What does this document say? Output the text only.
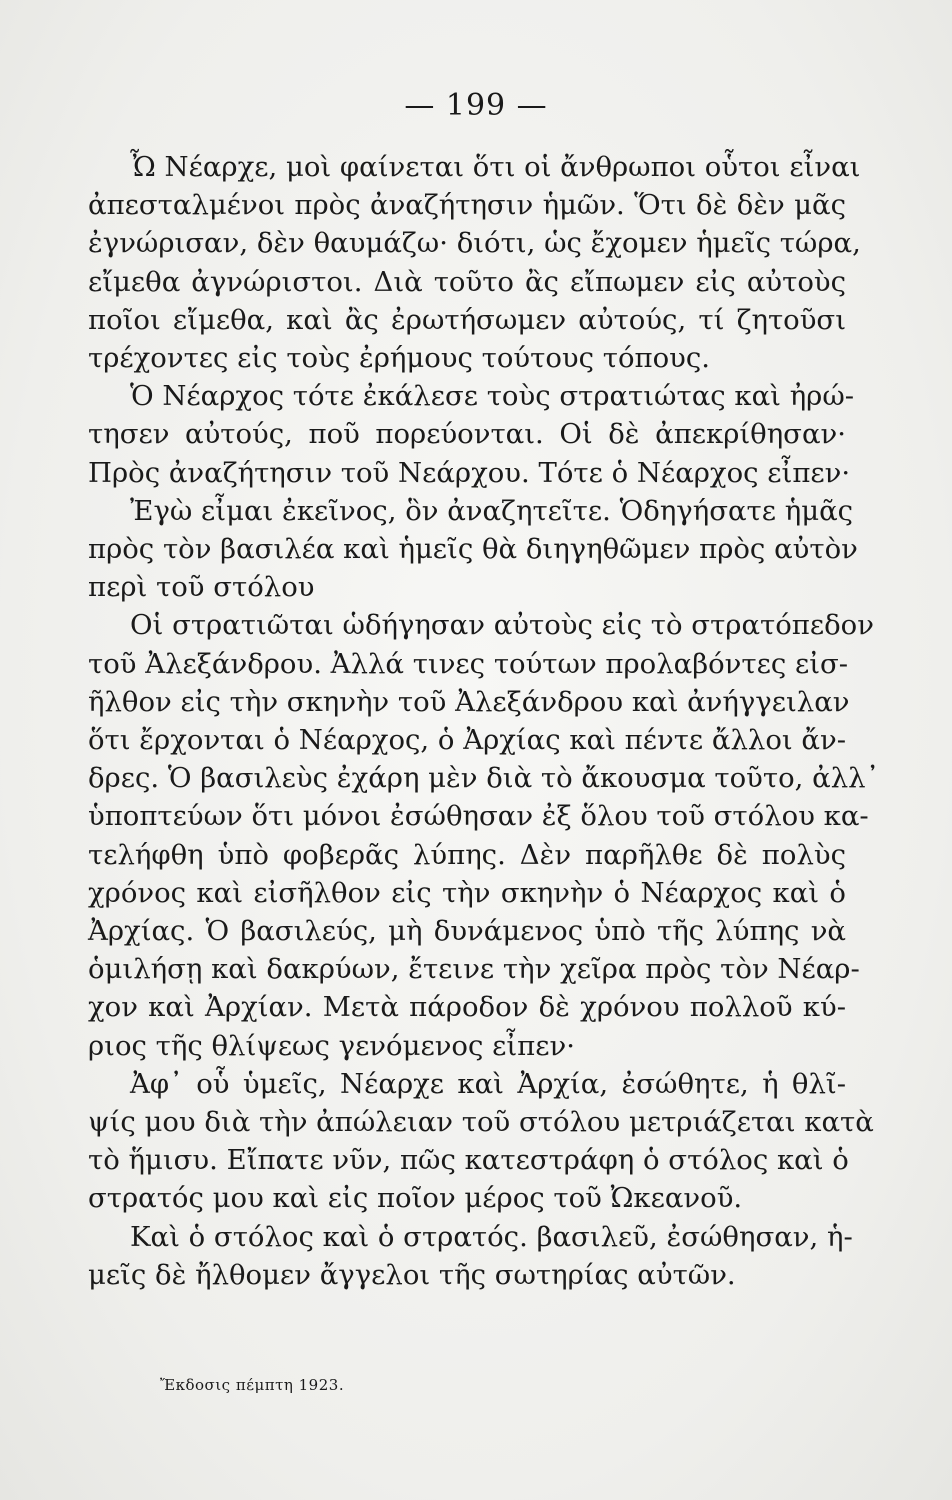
— 199 —
Ὦ Νέαρχε, μοὶ φαίνεται ὅτι οἱ ἄνθρωποι οὗτοι εἶναι
ἀπεσταλμένοι πρὸς ἀναζήτησιν ἡμῶν. Ὅτι δὲ δὲν μᾶς
ἐγνώρισαν, δὲν θαυμάζω· διότι, ὡς ἔχομεν ἡμεῖς τώρα,
εἴμεθα ἀγνώριστοι. Διὰ τοῦτο ἂς εἴπωμεν εἰς αὐτοὺς
ποῖοι εἴμεθα, καὶ ἂς ἐρωτήσωμεν αὐτούς, τί ζητοῦσι
τρέχοντες εἰς τοὺς ἐρήμους τούτους τόπους.
Ὁ Νέαρχος τότε ἐκάλεσε τοὺς στρατιώτας καὶ ἠρώ-
τησεν αὐτούς, ποῦ πορεύονται. Οἱ δὲ ἀπεκρίθησαν·
Πρὸς ἀναζήτησιν τοῦ Νεάρχου. Τότε ὁ Νέαρχος εἶπεν·
Ἐγὼ εἶμαι ἐκεῖνος, ὃν ἀναζητεῖτε. Ὁδηγήσατε ἡμᾶς
πρὸς τὸν βασιλέα καὶ ἡμεῖς θὰ διηγηθῶμεν πρὸς αὐτὸν
περὶ τοῦ στόλου
Οἱ στρατιῶται ὡδήγησαν αὐτοὺς εἰς τὸ στρατόπεδον
τοῦ Ἀλεξάνδρου. Ἀλλά τινες τούτων προλαβόντες εἰσ-
ῆλθον εἰς τὴν σκηνὴν τοῦ Ἀλεξάνδρου καὶ ἀνήγγειλαν
ὅτι ἔρχονται ὁ Νέαρχος, ὁ Ἀρχίας καὶ πέντε ἄλλοι ἄν-
δρες. Ὁ βασιλεὺς ἐχάρη μὲν διὰ τὸ ἄκουσμα τοῦτο, ἀλλ᾽
ὑποπτεύων ὅτι μόνοι ἐσώθησαν ἐξ ὅλου τοῦ στόλου κα-
τελήφθη ὑπὸ φοβερᾶς λύπης. Δὲν παρῆλθε δὲ πολὺς
χρόνος καὶ εἰσῆλθον εἰς τὴν σκηνὴν ὁ Νέαρχος καὶ ὁ
Ἀρχίας. Ὁ βασιλεύς, μὴ δυνάμενος ὑπὸ τῆς λύπης νὰ
ὁμιλήσῃ καὶ δακρύων, ἔτεινε τὴν χεῖρα πρὸς τὸν Νέαρ-
χον καὶ Ἀρχίαν. Μετὰ πάροδον δὲ χρόνου πολλοῦ κύ-
ριος τῆς θλίψεως γενόμενος εἶπεν·
Ἀφ᾽ οὗ ὑμεῖς, Νέαρχε καὶ Ἀρχία, ἐσώθητε, ἡ θλῖ-
ψίς μου διὰ τὴν ἀπώλειαν τοῦ στόλου μετριάζεται κατὰ
τὸ ἥμισυ. Εἴπατε νῦν, πῶς κατεστράφη ὁ στόλος καὶ ὁ
στρατός μου καὶ εἰς ποῖον μέρος τοῦ Ὠκεανοῦ.
Καὶ ὁ στόλος καὶ ὁ στρατός. βασιλεῦ, ἐσώθησαν, ἡ-
μεῖς δὲ ἤλθομεν ἄγγελοι τῆς σωτηρίας αὐτῶν.
Ἔκδοσις πέμπτη 1923.
